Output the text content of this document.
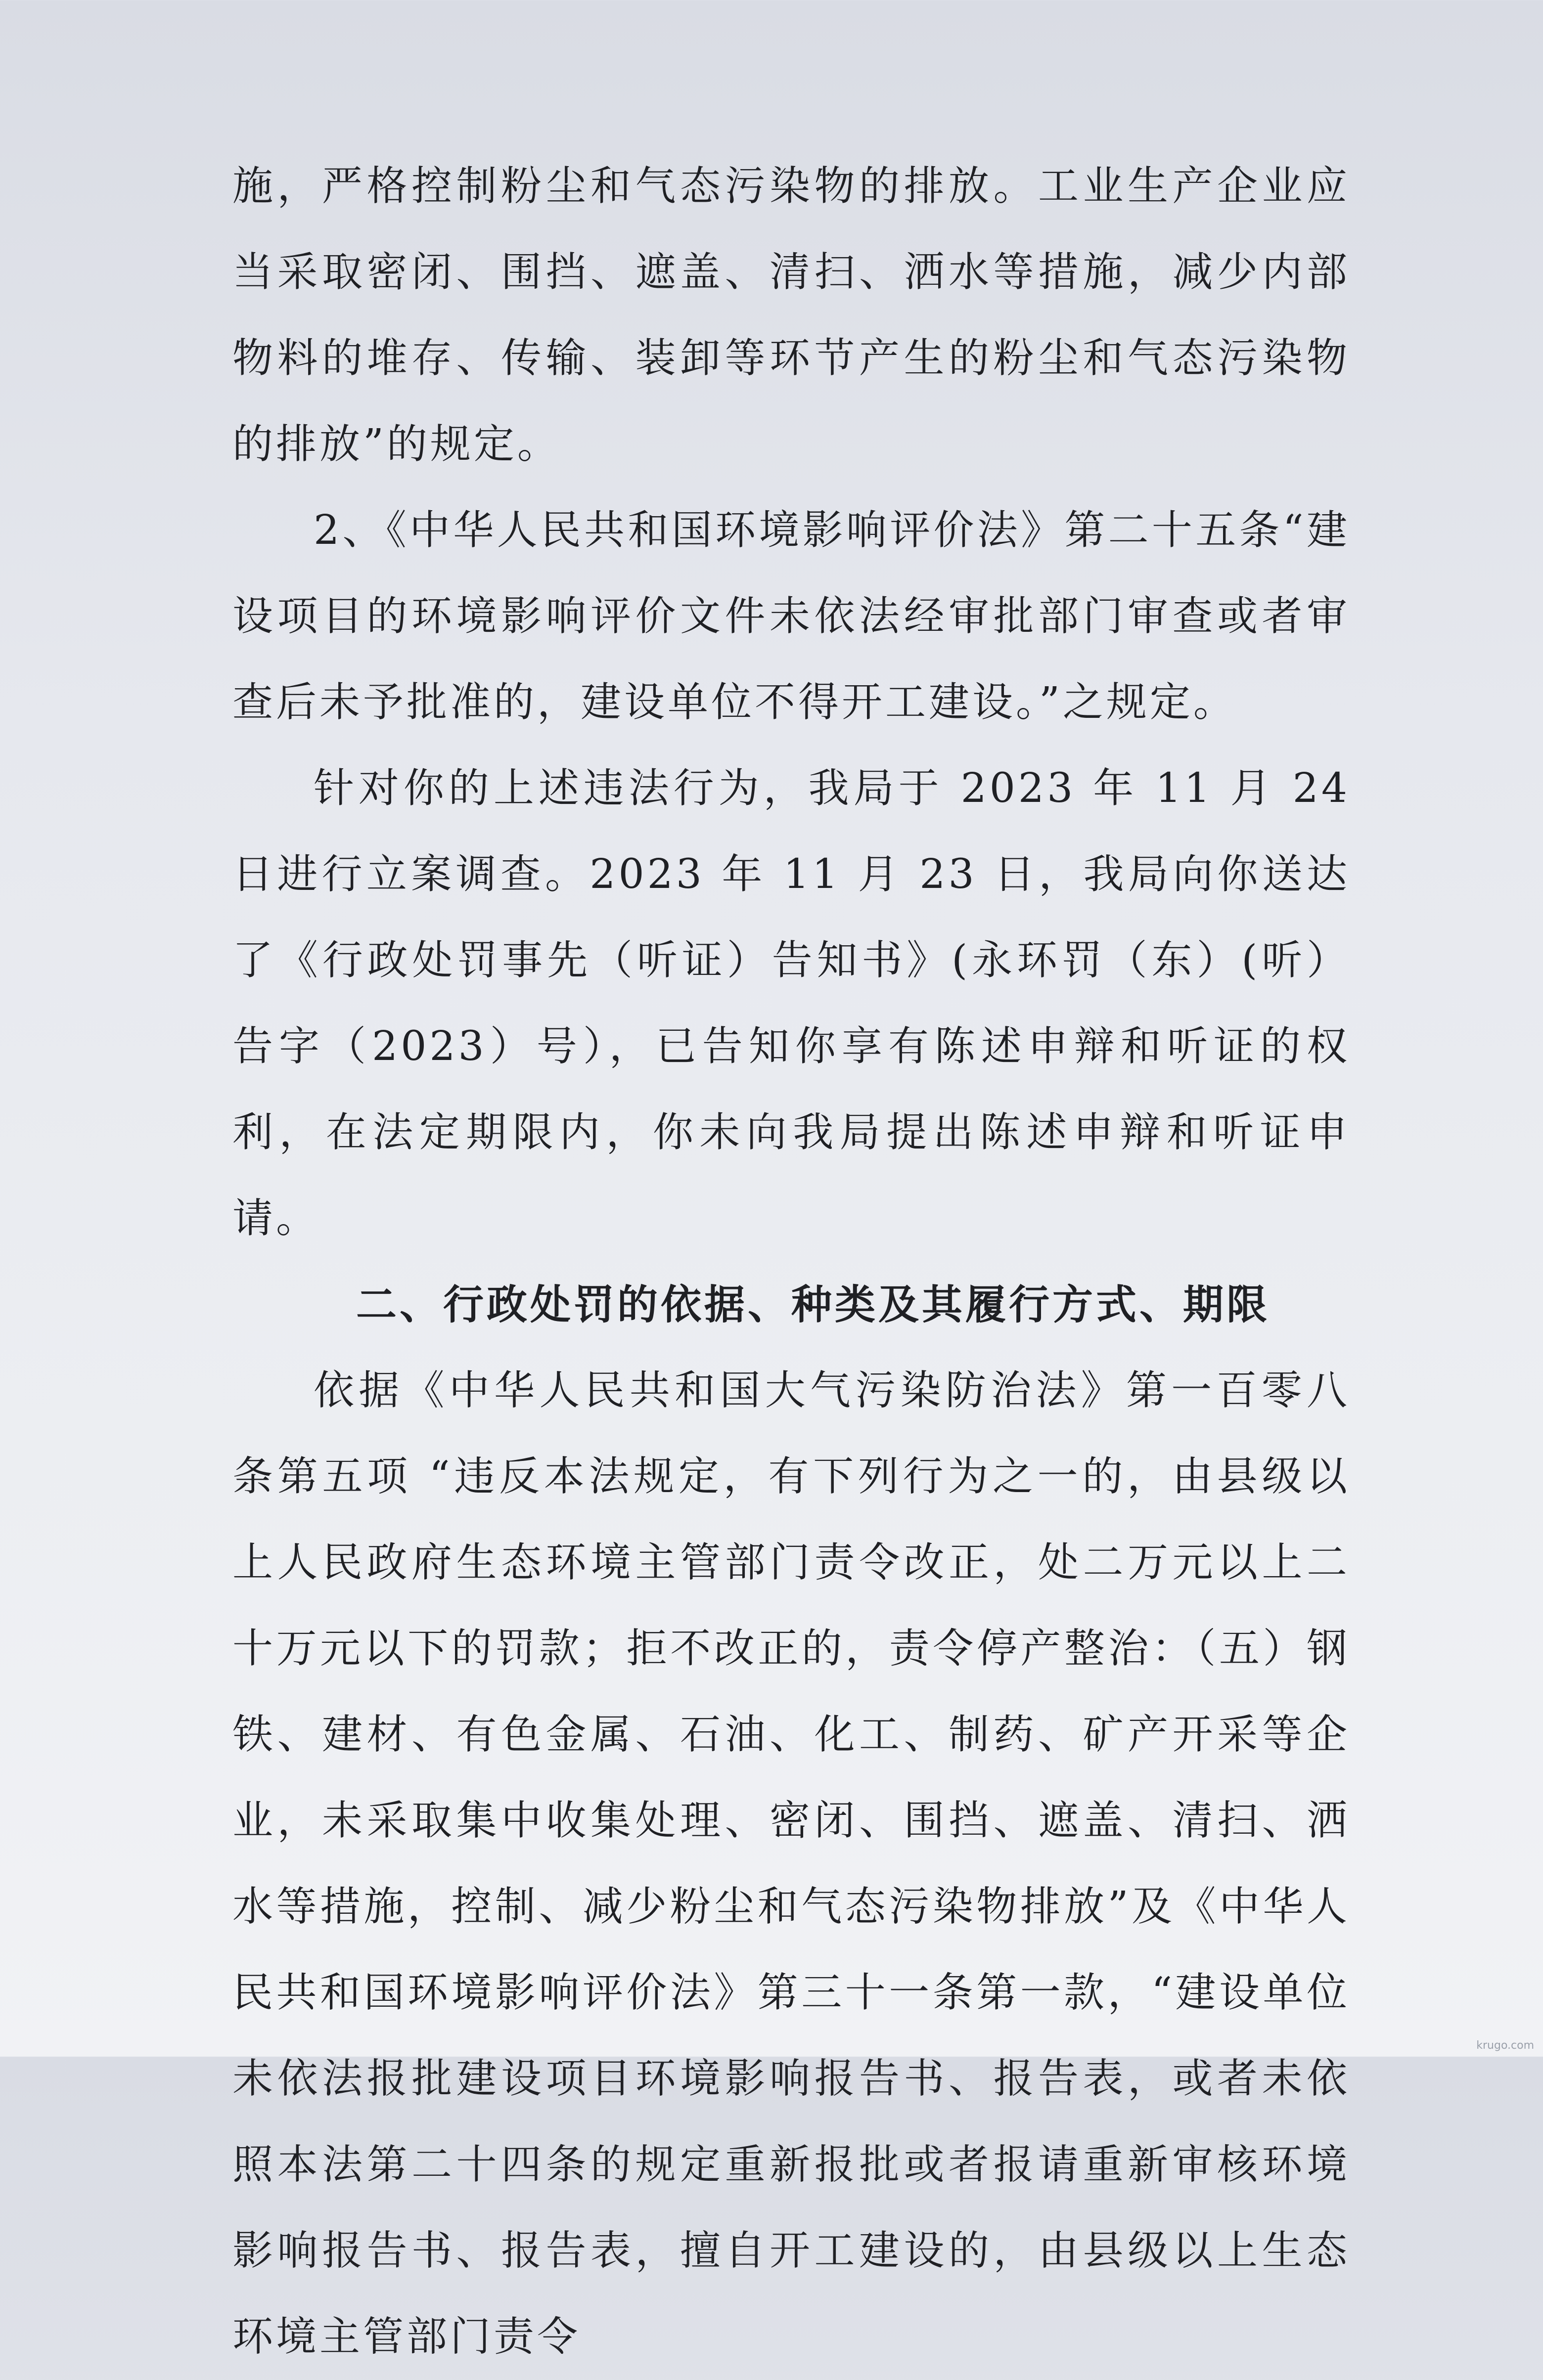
施，严格控制粉尘和气态污染物的排放。工业生产企业应当采取密闭、围挡、遮盖、清扫、洒水等措施，减少内部物料的堆存、传输、装卸等环节产生的粉尘和气态污染物的排放”的规定。

2、《中华人民共和国环境影响评价法》第二十五条“建设项目的环境影响评价文件未依法经审批部门审查或者审查后未予批准的，建设单位不得开工建设。”之规定。

针对你的上述违法行为，我局于 2023 年 11 月 24 日进行立案调查。2023 年 11 月 23 日，我局向你送达了《行政处罚事先（听证）告知书》(永环罚（东）(听）告字（2023）号），已告知你享有陈述申辩和听证的权利，在法定期限内，你未向我局提出陈述申辩和听证申请。

二、行政处罚的依据、种类及其履行方式、期限

依据《中华人民共和国大气污染防治法》第一百零八条第五项 “违反本法规定，有下列行为之一的，由县级以上人民政府生态环境主管部门责令改正，处二万元以上二十万元以下的罚款；拒不改正的，责令停产整治：（五）钢铁、建材、有色金属、石油、化工、制药、矿产开采等企业，未采取集中收集处理、密闭、围挡、遮盖、清扫、洒水等措施，控制、减少粉尘和气态污染物排放”及《中华人民共和国环境影响评价法》第三十一条第一款，“建设单位未依法报批建设项目环境影响报告书、报告表，或者未依照本法第二十四条的规定重新报批或者报请重新审核环境影响报告书、报告表，擅自开工建设的，由县级以上生态环境主管部门责令

krugo.com
